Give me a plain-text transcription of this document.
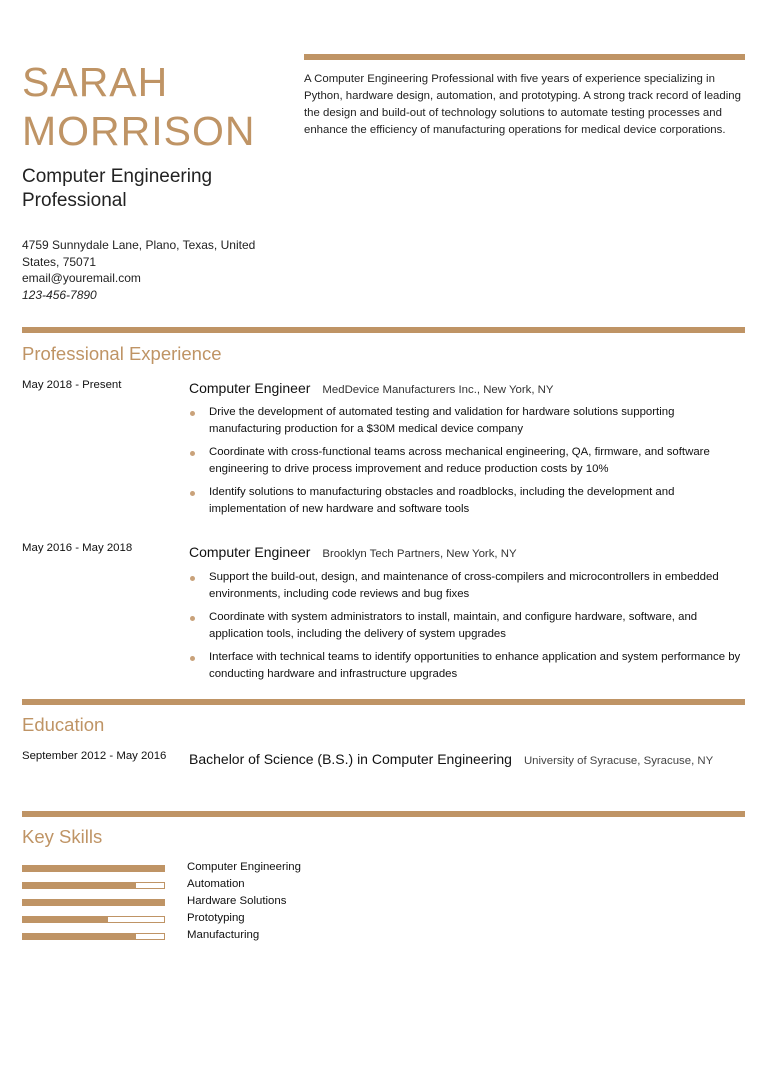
SARAH
MORRISON
Computer Engineering
Professional
4759 Sunnydale Lane, Plano, Texas, United
States, 75071
email@youremail.com
123-456-7890
A Computer Engineering Professional with five years of experience specializing in Python, hardware design, automation, and prototyping. A strong track record of leading the design and build-out of technology solutions to automate testing processes and enhance the efficiency of manufacturing operations for medical device corporations.
Professional Experience
May 2018 - Present	Computer Engineer MedDevice Manufacturers Inc., New York, NY
Drive the development of automated testing and validation for hardware solutions supporting manufacturing production for a $30M medical device company
Coordinate with cross-functional teams across mechanical engineering, QA, firmware, and software engineering to drive process improvement and reduce production costs by 10%
Identify solutions to manufacturing obstacles and roadblocks, including the development and implementation of new hardware and software tools
May 2016 - May 2018	Computer Engineer Brooklyn Tech Partners, New York, NY
Support the build-out, design, and maintenance of cross-compilers and microcontrollers in embedded environments, including code reviews and bug fixes
Coordinate with system administrators to install, maintain, and configure hardware, software, and application tools, including the delivery of system upgrades
Interface with technical teams to identify opportunities to enhance application and system performance by conducting hardware and infrastructure upgrades
Education
September 2012 - May 2016 Bachelor of Science (B.S.) in Computer Engineering University of Syracuse, Syracuse, NY
Key Skills
Computer Engineering
Automation
Hardware Solutions
Prototyping
Manufacturing
